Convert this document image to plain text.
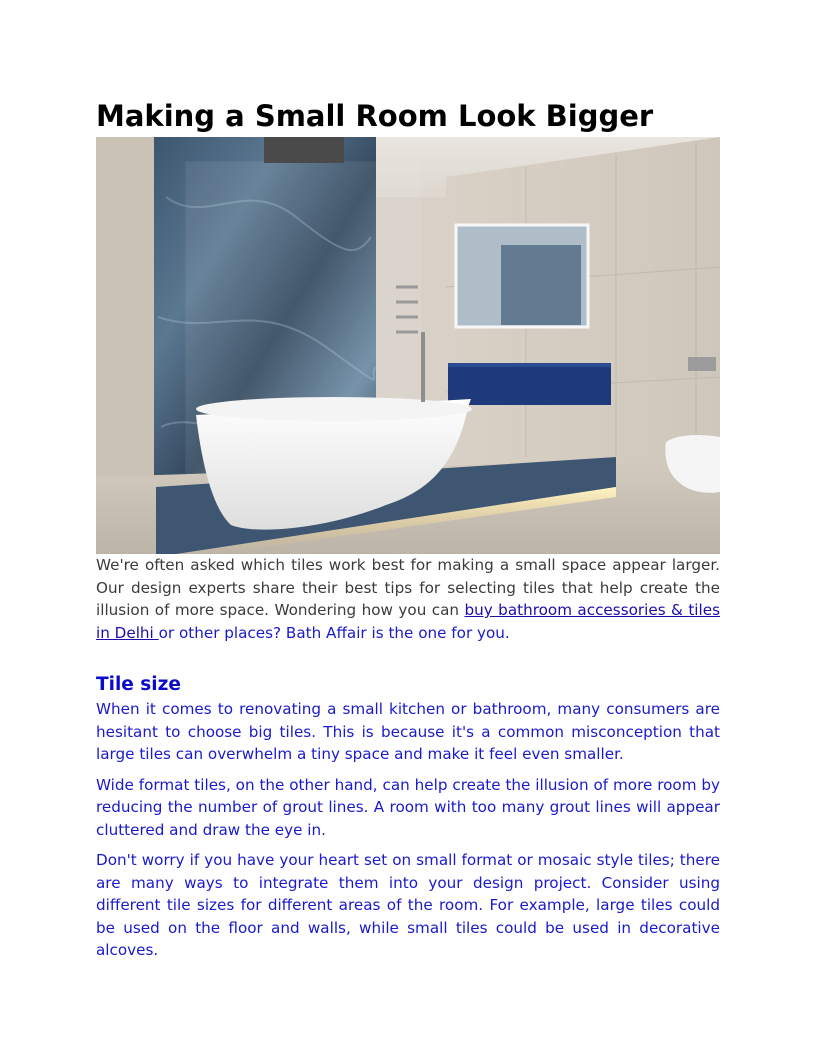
Making a Small Room Look Bigger

We're often asked which tiles work best for making a small space appear larger. Our design experts share their best tips for selecting tiles that help create the illusion of more space. Wondering how you can buy bathroom accessories & tiles in Delhi or other places? Bath Affair is the one for you.

Tile size

When it comes to renovating a small kitchen or bathroom, many consumers are hesitant to choose big tiles. This is because it's a common misconception that large tiles can overwhelm a tiny space and make it feel even smaller.

Wide format tiles, on the other hand, can help create the illusion of more room by reducing the number of grout lines. A room with too many grout lines will appear cluttered and draw the eye in.

Don't worry if you have your heart set on small format or mosaic style tiles; there are many ways to integrate them into your design project. Consider using different tile sizes for different areas of the room. For example, large tiles could be used on the floor and walls, while small tiles could be used in decorative alcoves.
